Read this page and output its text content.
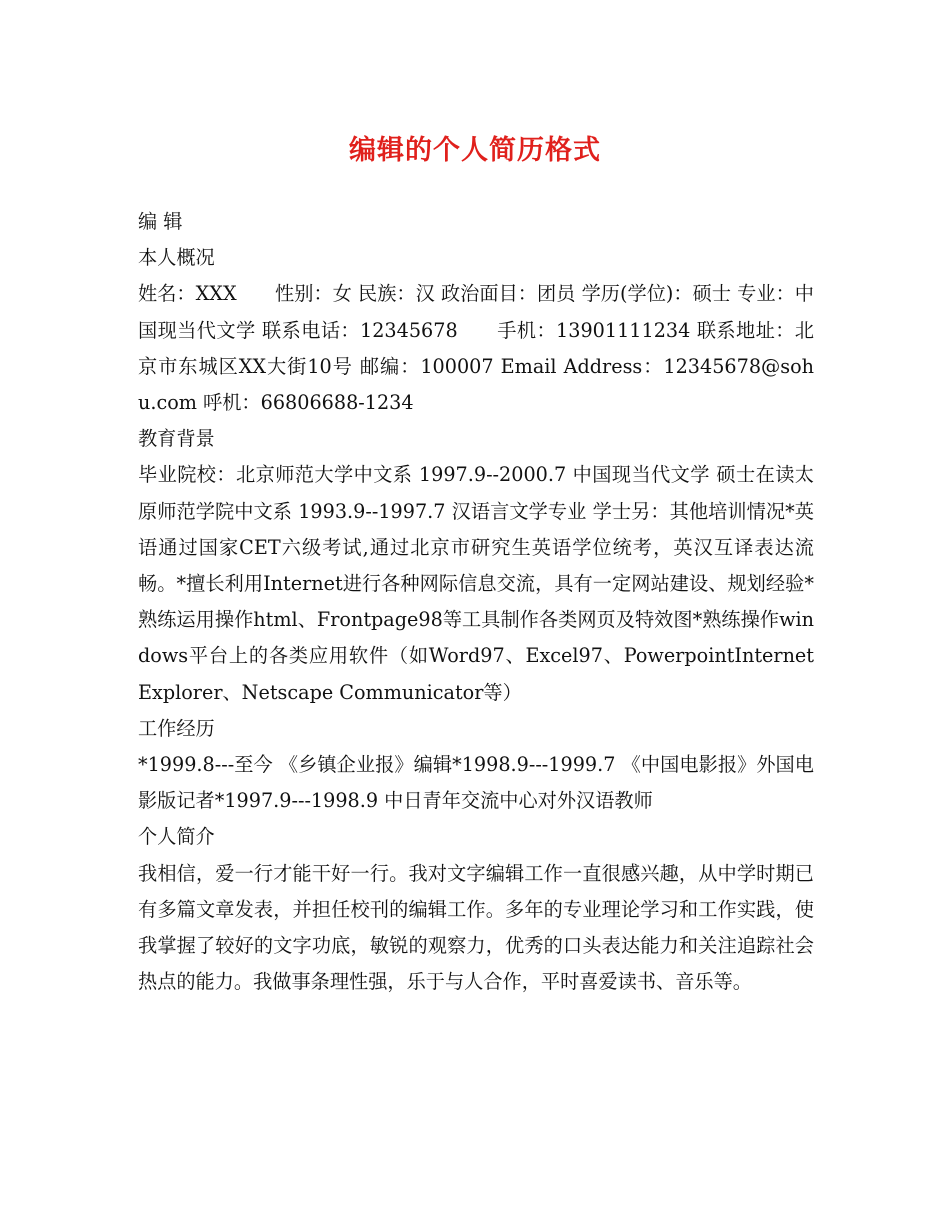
编辑的个人简历格式

编 辑

本人概况

姓名：XXX　　性别：女 民族：汉 政治面目：团员 学历(学位)：硕士 专业：中国现当代文学 联系电话：12345678　　手机：13901111234 联系地址：北京市东城区XX大街10号 邮编：100007 Email Address：12345678@sohu.com 呼机：66806688-1234

教育背景

毕业院校：北京师范大学中文系 1997.9--2000.7 中国现当代文学 硕士在读太原师范学院中文系 1993.9--1997.7 汉语言文学专业 学士另：其他培训情况*英语通过国家CET六级考试,通过北京市研究生英语学位统考，英汉互译表达流畅。*擅长利用Internet进行各种网际信息交流，具有一定网站建设、规划经验*熟练运用操作html、Frontpage98等工具制作各类网页及特效图*熟练操作windows平台上的各类应用软件（如Word97、Excel97、PowerpointInternet Explorer、Netscape Communicator等）

工作经历

*1999.8---至今 《乡镇企业报》编辑*1998.9---1999.7 《中国电影报》外国电影版记者*1997.9---1998.9 中日青年交流中心对外汉语教师

个人简介

我相信，爱一行才能干好一行。我对文字编辑工作一直很感兴趣，从中学时期已有多篇文章发表，并担任校刊的编辑工作。多年的专业理论学习和工作实践，使我掌握了较好的文字功底，敏锐的观察力，优秀的口头表达能力和关注追踪社会热点的能力。我做事条理性强，乐于与人合作，平时喜爱读书、音乐等。
